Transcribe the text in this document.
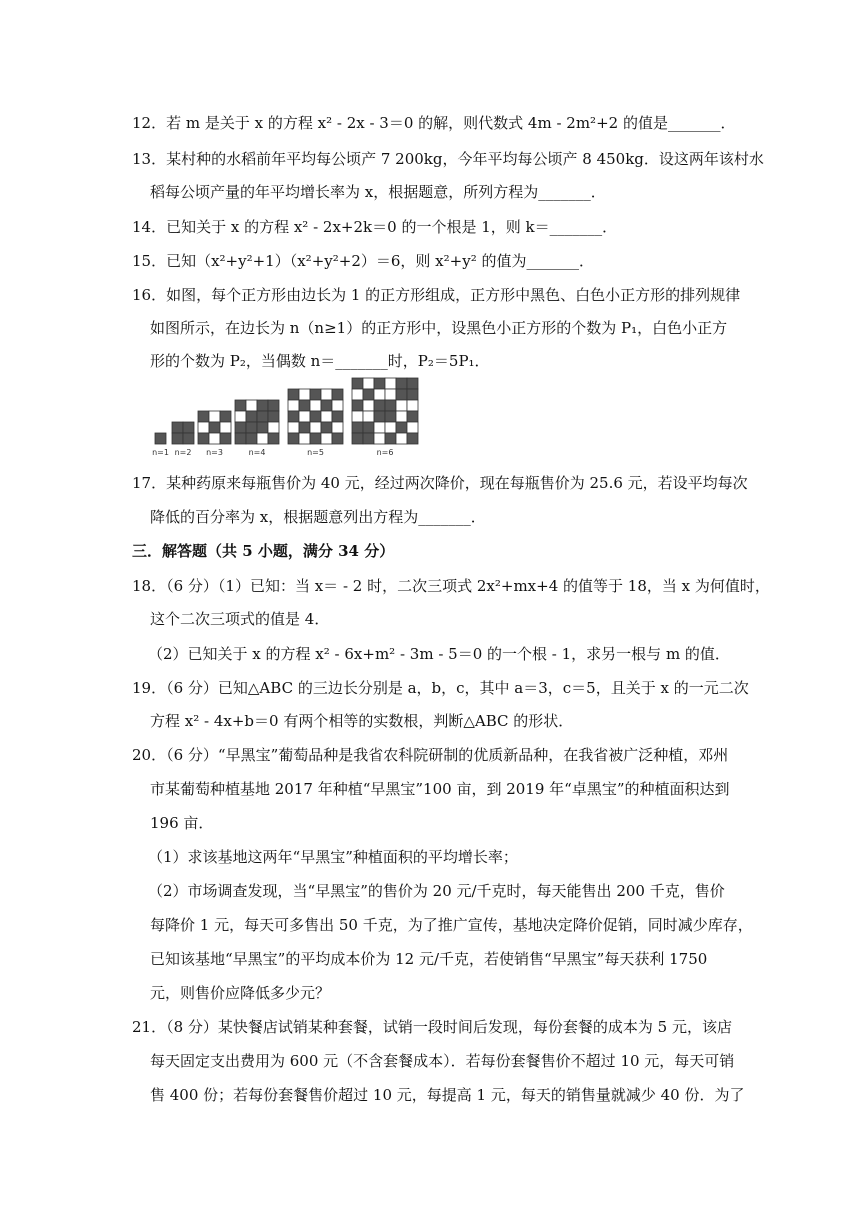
12．若 m 是关于 x 的方程 x² - 2x - 3＝0 的解，则代数式 4m - 2m²+2 的值是_______．
13．某村种的水稻前年平均每公顷产 7 200kg，今年平均每公顷产 8 450kg．设这两年该村水
稻每公顷产量的年平均增长率为 x，根据题意，所列方程为_______．
14．已知关于 x 的方程 x² - 2x+2k＝0 的一个根是 1，则 k＝_______．
15．已知（x²+y²+1）（x²+y²+2）＝6，则 x²+y² 的值为_______．
16．如图，每个正方形由边长为 1 的正方形组成，正方形中黑色、白色小正方形的排列规律
如图所示，在边长为 n（n≥1）的正方形中，设黑色小正方形的个数为 P₁，白色小正方
形的个数为 P₂，当偶数 n＝_______时，P₂＝5P₁．
n=1 n=2 n=3	n=4	n=5	n=6
17．某种药原来每瓶售价为 40 元，经过两次降价，现在每瓶售价为 25.6 元，若设平均每次
降低的百分率为 x，根据题意列出方程为_______．
三．解答题（共 5 小题，满分 34 分）
18．（6 分）（1）已知：当 x＝ - 2 时，二次三项式 2x²+mx+4 的值等于 18，当 x 为何值时，
这个二次三项式的值是 4．
（2）已知关于 x 的方程 x² - 6x+m² - 3m - 5＝0 的一个根 - 1，求另一根与 m 的值．
19．（6 分）已知△ABC 的三边长分别是 a，b，c，其中 a＝3，c＝5，且关于 x 的一元二次
方程 x² - 4x+b＝0 有两个相等的实数根，判断△ABC 的形状．
20．（6 分）“早黑宝”葡萄品种是我省农科院研制的优质新品种，在我省被广泛种植，邓州
市某葡萄种植基地 2017 年种植“早黑宝”100 亩，到 2019 年“卓黑宝”的种植面积达到
196 亩．
（1）求该基地这两年“早黑宝”种植面积的平均增长率；
（2）市场调查发现，当“早黑宝”的售价为 20 元/千克时，每天能售出 200 千克，售价
每降价 1 元，每天可多售出 50 千克，为了推广宣传，基地决定降价促销，同时减少库存，
已知该基地“早黑宝”的平均成本价为 12 元/千克，若使销售“早黑宝”每天获利 1750
元，则售价应降低多少元？
21．（8 分）某快餐店试销某种套餐，试销一段时间后发现，每份套餐的成本为 5 元，该店
每天固定支出费用为 600 元（不含套餐成本）．若每份套餐售价不超过 10 元，每天可销
售 400 份；若每份套餐售价超过 10 元，每提高 1 元，每天的销售量就减少 40 份．为了
